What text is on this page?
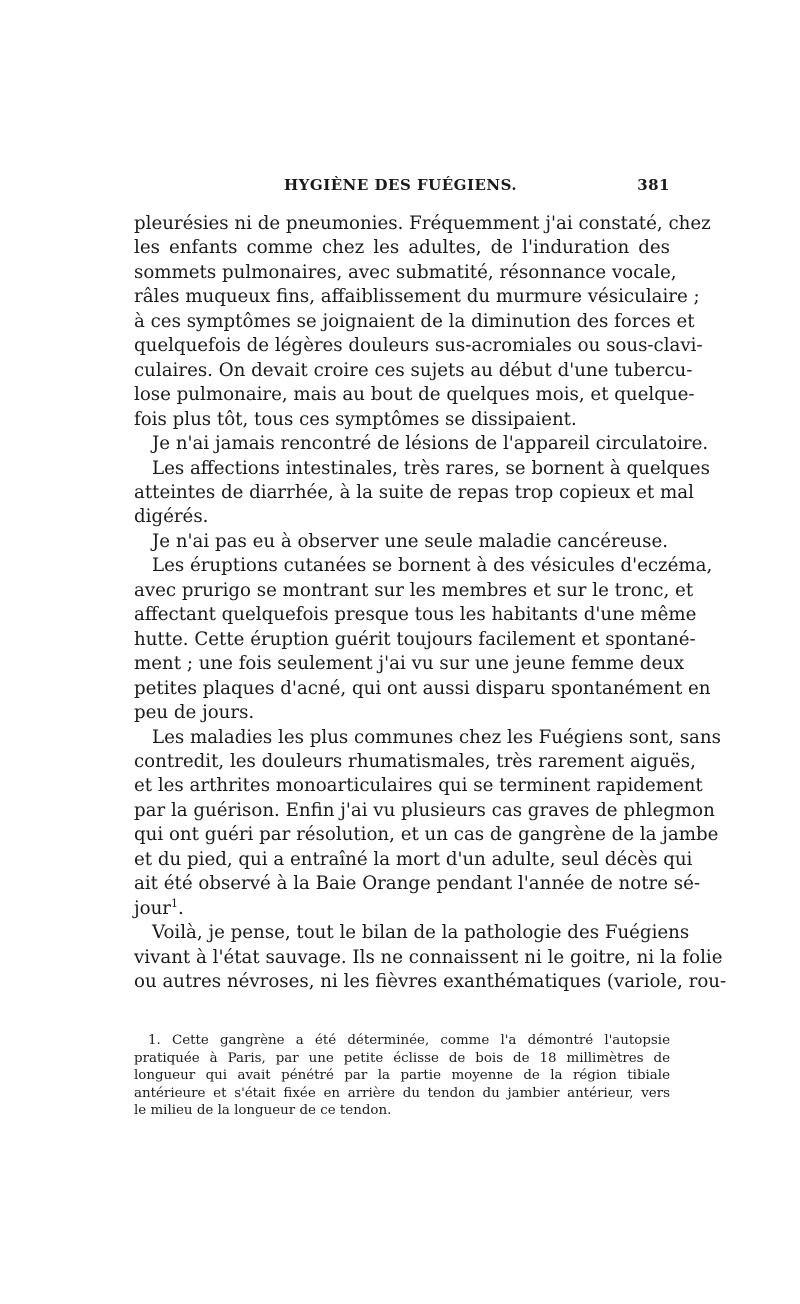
HYGIÈNE DES FUÉGIENS.	381
pleurésies ni de pneumonies. Fréquemment j'ai constaté, chez
les enfants comme chez les adultes, de l'induration des
sommets pulmonaires, avec submatité, résonnance vocale,
râles muqueux fins, affaiblissement du murmure vésiculaire ;
à ces symptômes se joignaient de la diminution des forces et
quelquefois de légères douleurs sus-acromiales ou sous-clavi-
culaires. On devait croire ces sujets au début d'une tubercu-
lose pulmonaire, mais au bout de quelques mois, et quelque-
fois plus tôt, tous ces symptômes se dissipaient.
Je n'ai jamais rencontré de lésions de l'appareil circulatoire.
Les affections intestinales, très rares, se bornent à quelques
atteintes de diarrhée, à la suite de repas trop copieux et mal
digérés.
Je n'ai pas eu à observer une seule maladie cancéreuse.
Les éruptions cutanées se bornent à des vésicules d'eczéma,
avec prurigo se montrant sur les membres et sur le tronc, et
affectant quelquefois presque tous les habitants d'une même
hutte. Cette éruption guérit toujours facilement et spontané-
ment ; une fois seulement j'ai vu sur une jeune femme deux
petites plaques d'acné, qui ont aussi disparu spontanément en
peu de jours.
Les maladies les plus communes chez les Fuégiens sont, sans
contredit, les douleurs rhumatismales, très rarement aiguës,
et les arthrites monoarticulaires qui se terminent rapidement
par la guérison. Enfin j'ai vu plusieurs cas graves de phlegmon
qui ont guéri par résolution, et un cas de gangrène de la jambe
et du pied, qui a entraîné la mort d'un adulte, seul décès qui
ait été observé à la Baie Orange pendant l'année de notre sé-
jour$^1$.
Voilà, je pense, tout le bilan de la pathologie des Fuégiens
vivant à l'état sauvage. Ils ne connaissent ni le goitre, ni la folie
ou autres névroses, ni les fièvres exanthématiques (variole, rou-
1. Cette gangrène a été déterminée, comme l'a démontré l'autopsie
pratiquée à Paris, par une petite éclisse de bois de 18 millimètres de
longueur qui avait pénétré par la partie moyenne de la région tibiale
antérieure et s'était fixée en arrière du tendon du jambier antérieur, vers
le milieu de la longueur de ce tendon.
